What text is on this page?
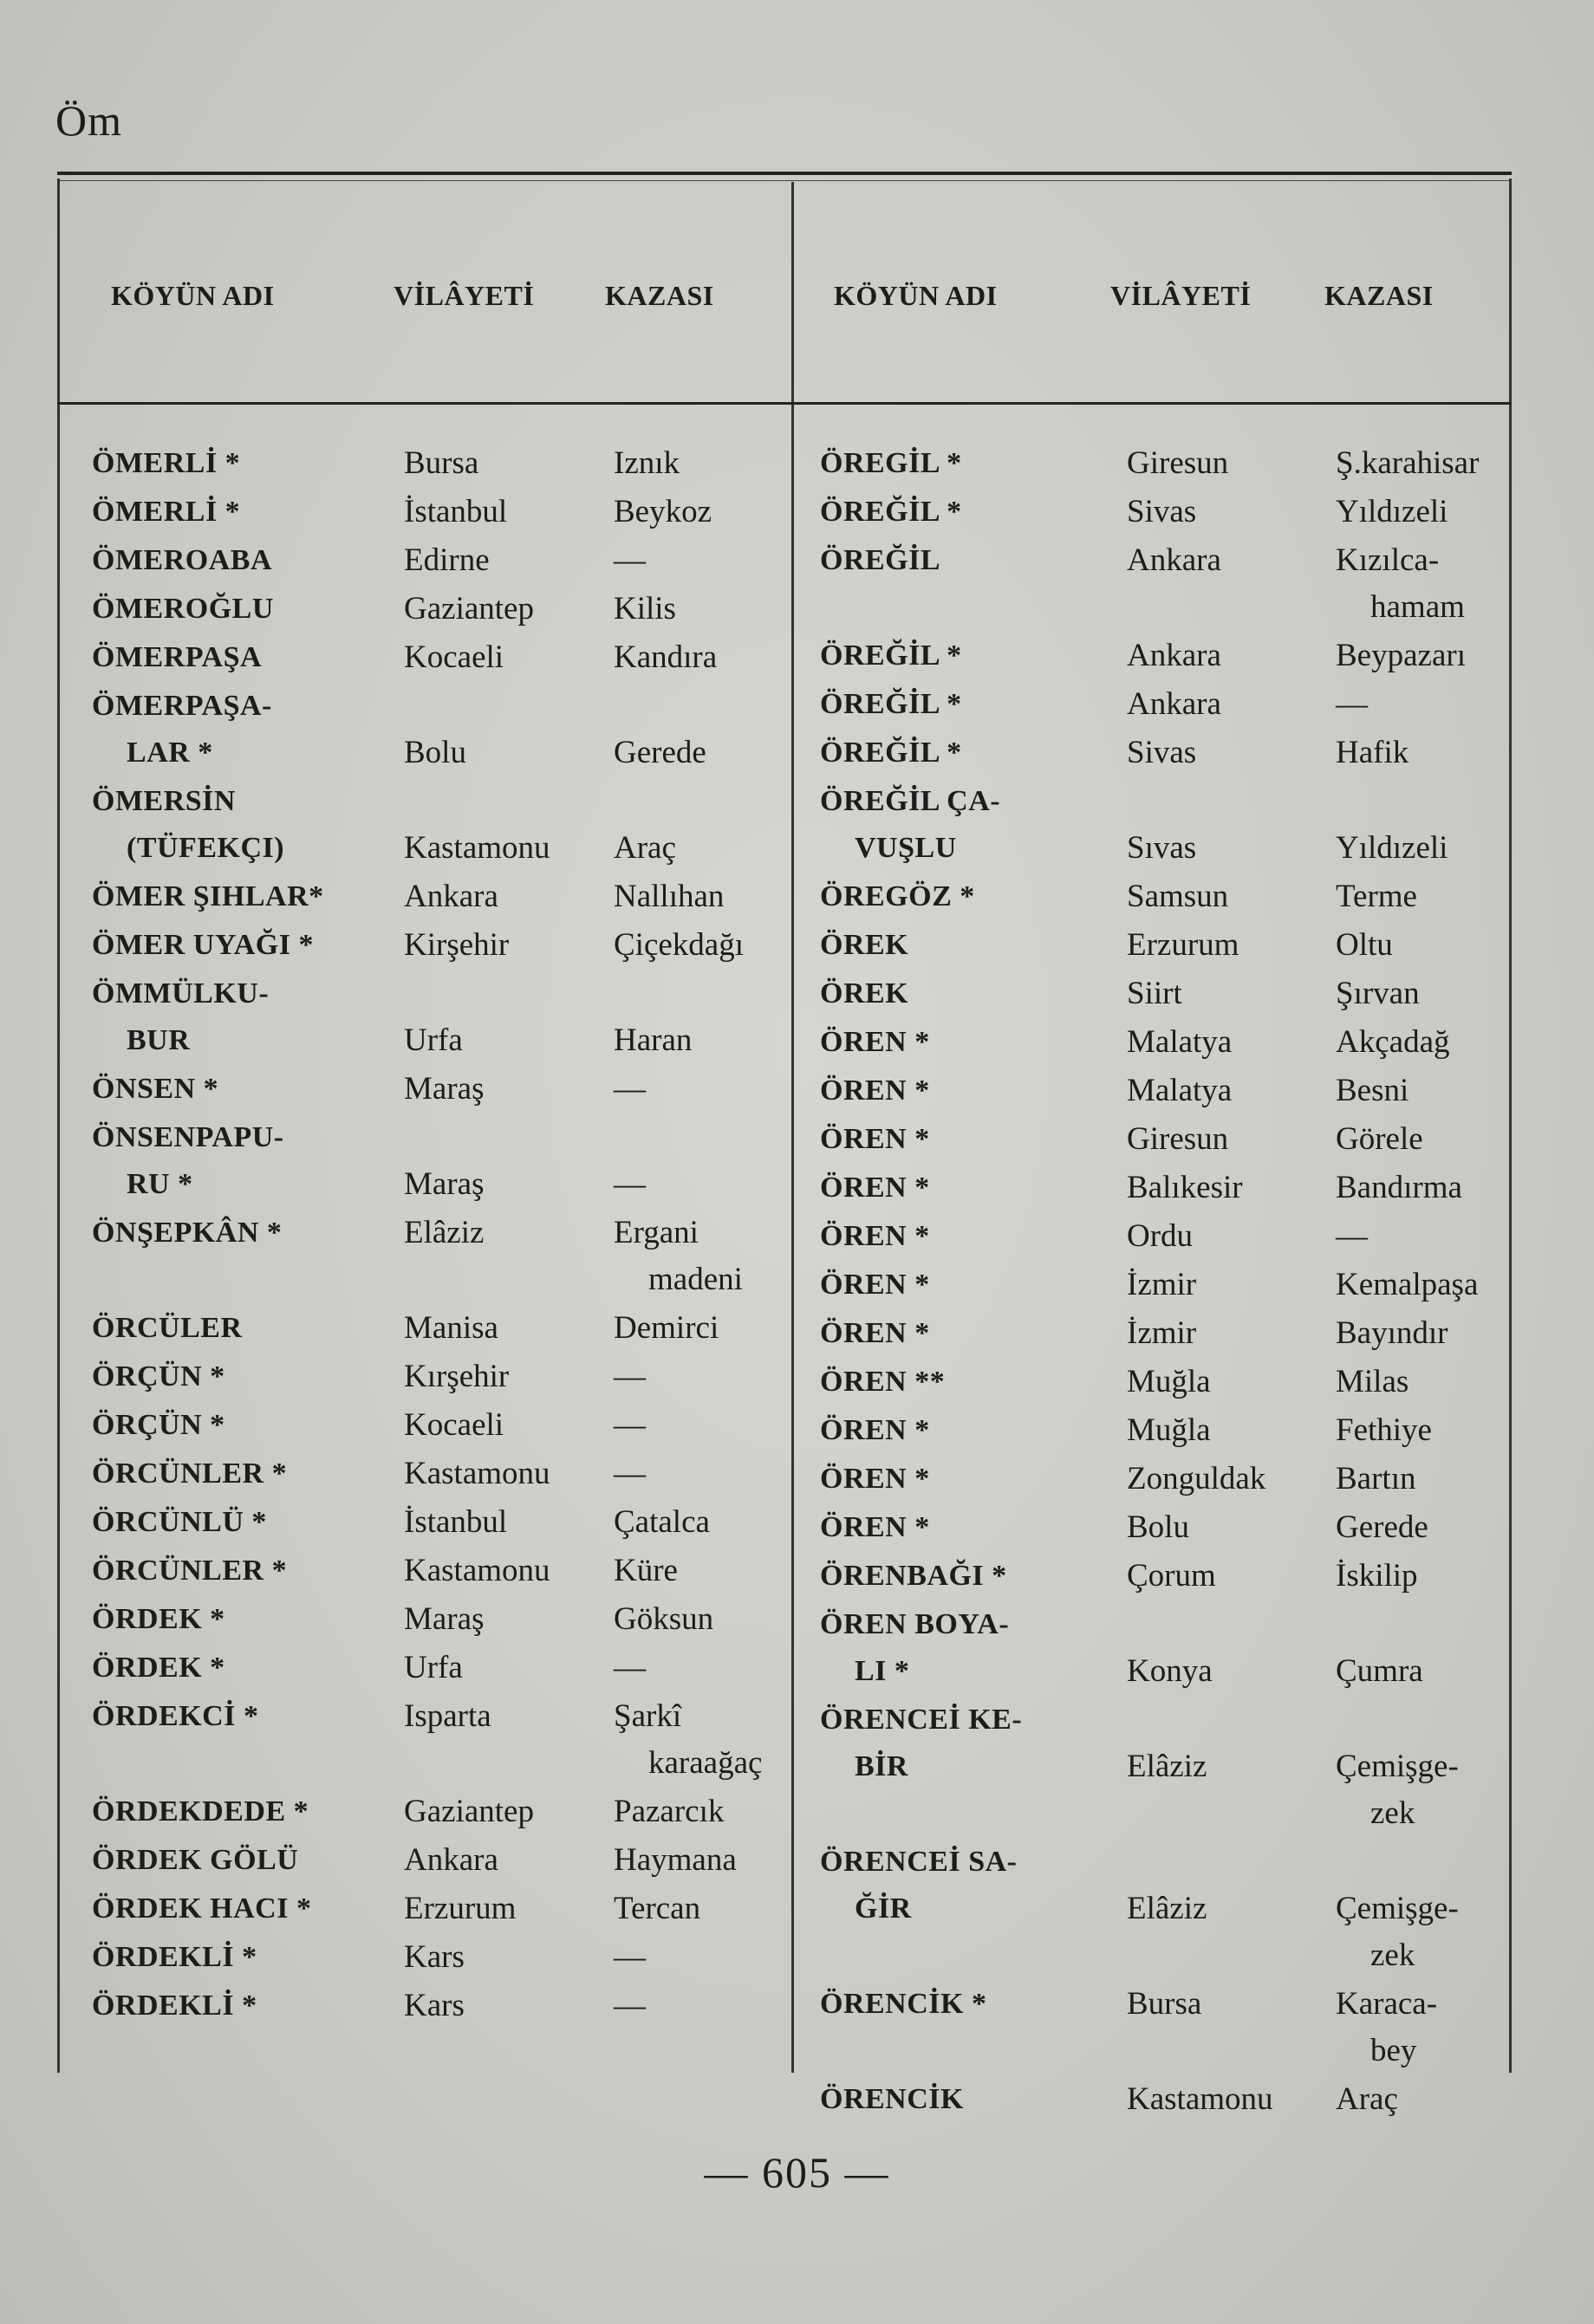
Öm
KÖYÜN ADI	VİLÂYETİ	KAZASI
ÖMERLİ *	Bursa	Iznık
ÖMERLİ *	İstanbul	Beykoz
ÖMEROABA	Edirne	—
ÖMEROĞLU	Gaziantep Kilis
ÖMERPAŞA	Kocaeli	Kandıra
ÖMERPAŞA-
LAR *	Bolu	Gerede
ÖMERSİN
(TÜFEKÇI)	Kastamonu Araç
ÖMER ŞIHLAR* Ankara	Nallıhan
ÖMER UYAĞI *	Kirşehir	Çiçekdağı
ÖMMÜLKU-
BUR	Urfa	Haran
ÖNSEN *	Maraş	—
ÖNSENPAPU-
RU *	Maraş	—
ÖNŞEPKÂN *	Elâziz	Ergani
madeni
ÖRCÜLER	Manisa	Demirci
ÖRÇÜN *	Kırşehir	—
ÖRÇÜN *	Kocaeli	—
ÖRCÜNLER *	Kastamonu —
ÖRCÜNLÜ *	İstanbul	Çatalca
ÖRCÜNLER *	Kastamonu Küre
ÖRDEK *	Maraş	Göksun
ÖRDEK *	Urfa	—
ÖRDEKCİ *	Isparta	Şarkî
karaağaç
ÖRDEKDEDE *	Gaziantep Pazarcık
ÖRDEK GÖLÜ	Ankara	Haymana
ÖRDEK HACI *	Erzurum	Tercan
ÖRDEKLİ *	Kars	—
ÖRDEKLİ *	Kars	—
KÖYÜN ADI	VİLÂYETİ	KAZASI
ÖREGİL *	Giresun	Ş.karahisar
ÖREĞİL *	Sivas	Yıldızeli
ÖREĞİL	Ankara	Kızılca-
hamam
ÖREĞİL *	Ankara	Beypazarı
ÖREĞİL *	Ankara	—
ÖREĞİL *	Sivas	Hafik
ÖREĞİL ÇA-
VUŞLU	Sıvas	Yıldızeli
ÖREGÖZ *	Samsun	Terme
ÖREK	Erzurum	Oltu
ÖREK	Siirt	Şırvan
ÖREN *	Malatya	Akçadağ
ÖREN *	Malatya	Besni
ÖREN *	Giresun	Görele
ÖREN *	Balıkesir	Bandırma
ÖREN *	Ordu	—
ÖREN *	İzmir	Kemalpaşa
ÖREN *	İzmir	Bayındır
ÖREN **	Muğla	Milas
ÖREN *	Muğla	Fethiye
ÖREN *	Zonguldak Bartın
ÖREN *	Bolu	Gerede
ÖRENBAĞI *	Çorum	İskilip
ÖREN BOYA-
LI *	Konya	Çumra
ÖRENCEİ KE-
BİR	Elâziz	Çemişge-
zek
ÖRENCEİ SA-
ĞİR	Elâziz	Çemişge-
zek
ÖRENCİK *	Bursa	Karaca-
bey
ÖRENCİK	Kastamonu Araç
— 605 —
